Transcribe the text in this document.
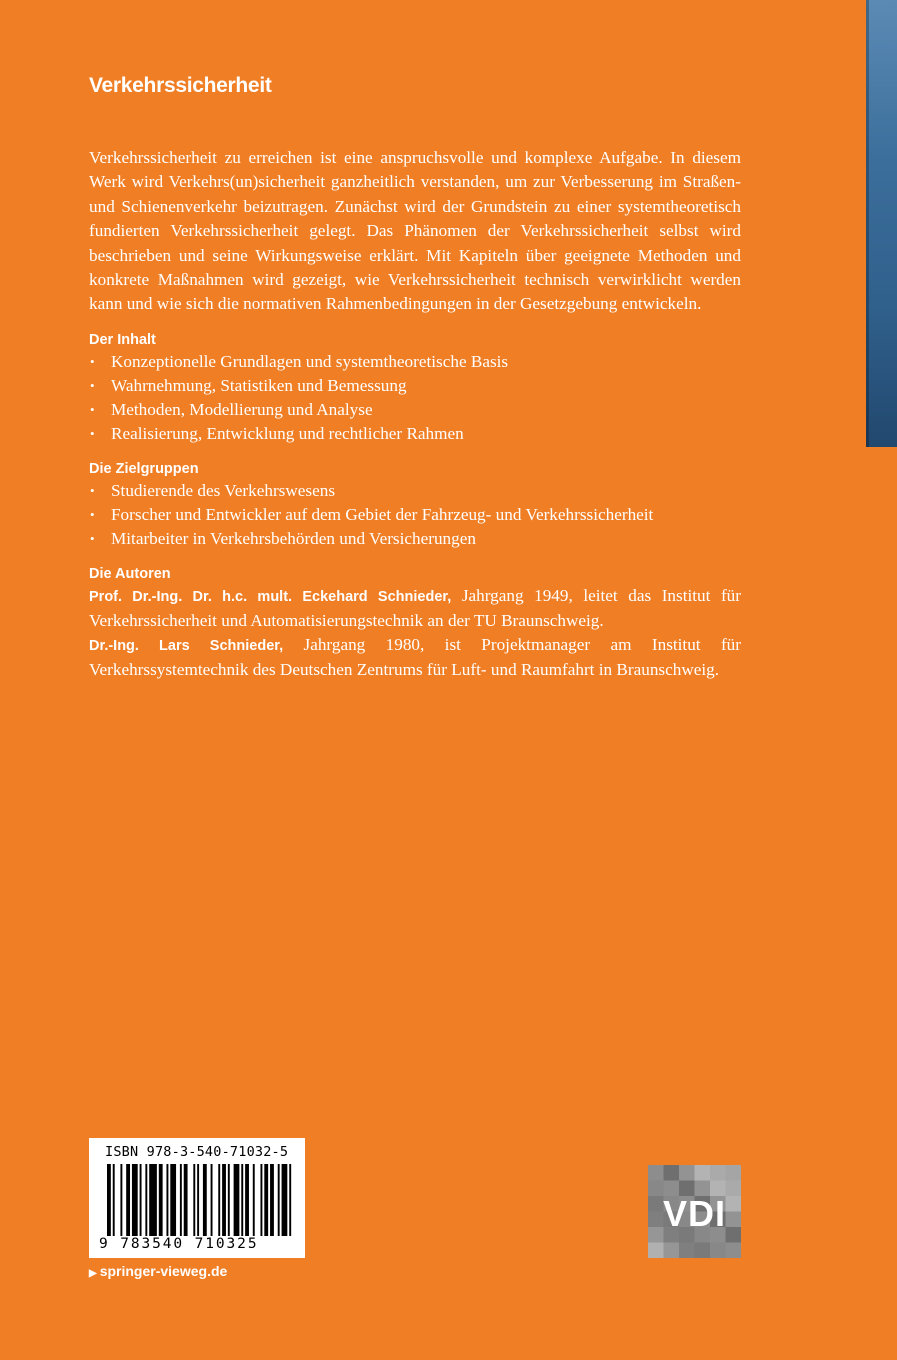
Verkehrssicherheit

Verkehrssicherheit zu erreichen ist eine anspruchsvolle und komplexe Aufgabe. In diesem Werk wird Verkehrs(un)sicherheit ganzheitlich verstanden, um zur Verbesserung im Straßen- und Schienenverkehr beizutragen. Zunächst wird der Grundstein zu einer systemtheoretisch fundierten Verkehrssicherheit gelegt. Das Phänomen der Verkehrssicherheit selbst wird beschrieben und seine Wirkungsweise erklärt. Mit Kapiteln über geeignete Methoden und konkrete Maßnahmen wird gezeigt, wie Verkehrssicherheit technisch verwirklicht werden kann und wie sich die normativen Rahmenbedingungen in der Gesetzgebung entwickeln.

Der Inhalt

• Konzeptionelle Grundlagen und systemtheoretische Basis
• Wahrnehmung, Statistiken und Bemessung
• Methoden, Modellierung und Analyse
• Realisierung, Entwicklung und rechtlicher Rahmen

Die Zielgruppen

• Studierende des Verkehrswesens
• Forscher und Entwickler auf dem Gebiet der Fahrzeug- und Verkehrssicherheit
• Mitarbeiter in Verkehrsbehörden und Versicherungen

Die Autoren

Prof. Dr.-Ing. Dr. h.c. mult. Eckehard Schnieder, Jahrgang 1949, leitet das Institut für Verkehrssicherheit und Automatisierungstechnik an der TU Braunschweig.

Dr.-Ing. Lars Schnieder, Jahrgang 1980, ist Projektmanager am Institut für Verkehrssystemtechnik des Deutschen Zentrums für Luft- und Raumfahrt in Braunschweig.

ISBN 978-3-540-71032-5
9 783540 710325
▶ springer-vieweg.de
VDI
